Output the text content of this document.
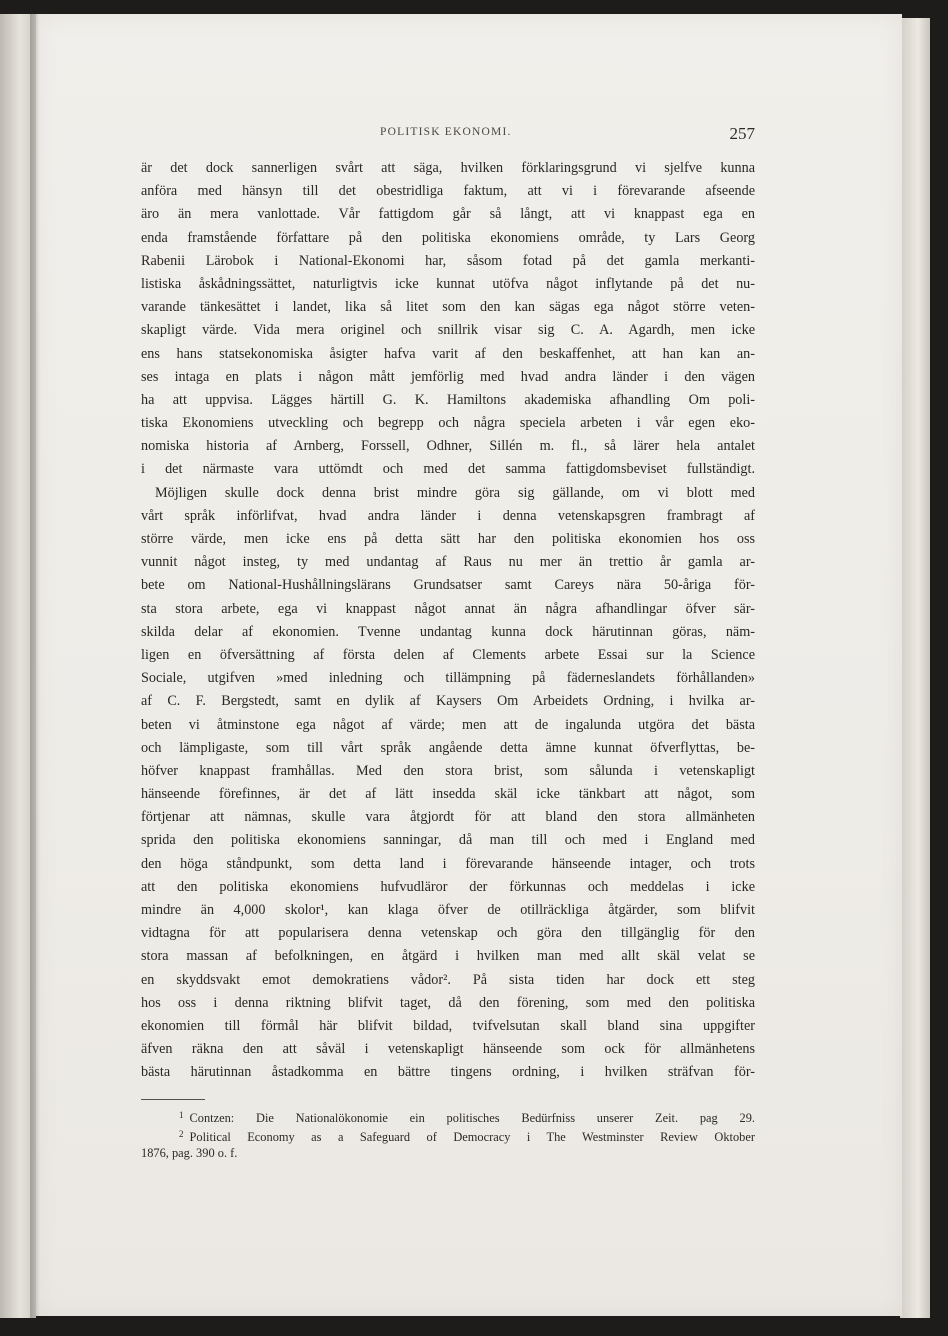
POLITISK EKONOMI.	257
är det dock sannerligen svårt att säga, hvilken förklaringsgrund vi sjelfve kunna
anföra med hänsyn till det obestridliga faktum, att vi i förevarande afseende
äro än mera vanlottade. Vår fattigdom går så långt, att vi knappast ega en
enda framstående författare på den politiska ekonomiens område, ty Lars Georg
Rabenii Lärobok i National-Ekonomi har, såsom fotad på det gamla merkanti-
listiska åskådningssättet, naturligtvis icke kunnat utöfva något inflytande på det nu-
varande tänkesättet i landet, lika så litet som den kan sägas ega något större veten-
skapligt värde. Vida mera originel och snillrik visar sig C. A. Agardh, men icke
ens hans statsekonomiska åsigter hafva varit af den beskaffenhet, att han kan an-
ses intaga en plats i någon mått jemförlig med hvad andra länder i den vägen
ha att uppvisa. Lägges härtill G. K. Hamiltons akademiska afhandling Om poli-
tiska Ekonomiens utveckling och begrepp och några speciela arbeten i vår egen eko-
nomiska historia af Arnberg, Forssell, Odhner, Sillén m. fl., så lärer hela antalet
i det närmaste vara uttömdt och med det samma fattigdomsbeviset fullständigt.
Möjligen skulle dock denna brist mindre göra sig gällande, om vi blott med
vårt språk införlifvat, hvad andra länder i denna vetenskapsgren frambragt af
större värde, men icke ens på detta sätt har den politiska ekonomien hos oss
vunnit något insteg, ty med undantag af Raus nu mer än trettio år gamla ar-
bete om National-Hushållningslärans Grundsatser samt Careys nära 50-åriga för-
sta stora arbete, ega vi knappast något annat än några afhandlingar öfver sär-
skilda delar af ekonomien. Tvenne undantag kunna dock härutinnan göras, näm-
ligen en öfversättning af första delen af Clements arbete Essai sur la Science
Sociale, utgifven »med inledning och tillämpning på fäderneslandets förhållanden»
af C. F. Bergstedt, samt en dylik af Kaysers Om Arbeidets Ordning, i hvilka ar-
beten vi åtminstone ega något af värde; men att de ingalunda utgöra det bästa
och lämpligaste, som till vårt språk angående detta ämne kunnat öfverflyttas, be-
höfver knappast framhållas. Med den stora brist, som sålunda i vetenskapligt
hänseende förefinnes, är det af lätt insedda skäl icke tänkbart att något, som
förtjenar att nämnas, skulle vara åtgjordt för att bland den stora allmänheten
sprida den politiska ekonomiens sanningar, då man till och med i England med
den höga ståndpunkt, som detta land i förevarande hänseende intager, och trots
att den politiska ekonomiens hufvudläror der förkunnas och meddelas i icke
mindre än 4,000 skolor¹, kan klaga öfver de otillräckliga åtgärder, som blifvit
vidtagna för att popularisera denna vetenskap och göra den tillgänglig för den
stora massan af befolkningen, en åtgärd i hvilken man med allt skäl velat se
en skyddsvakt emot demokratiens vådor². På sista tiden har dock ett steg
hos oss i denna riktning blifvit taget, då den förening, som med den politiska
ekonomien till förmål här blifvit bildad, tvifvelsutan skall bland sina uppgifter
äfven räkna den att såväl i vetenskapligt hänseende som ock för allmänhetens
bästa härutinnan åstadkomma en bättre tingens ordning, i hvilken sträfvan för-
$^1$ Contzen: Die Nationalökonomie ein politisches Bedürfniss unserer Zeit. pag 29.
$^2$ Political Economy as a Safeguard of Democracy i The Westminster Review Oktober
1876, pag. 390 o. f.
